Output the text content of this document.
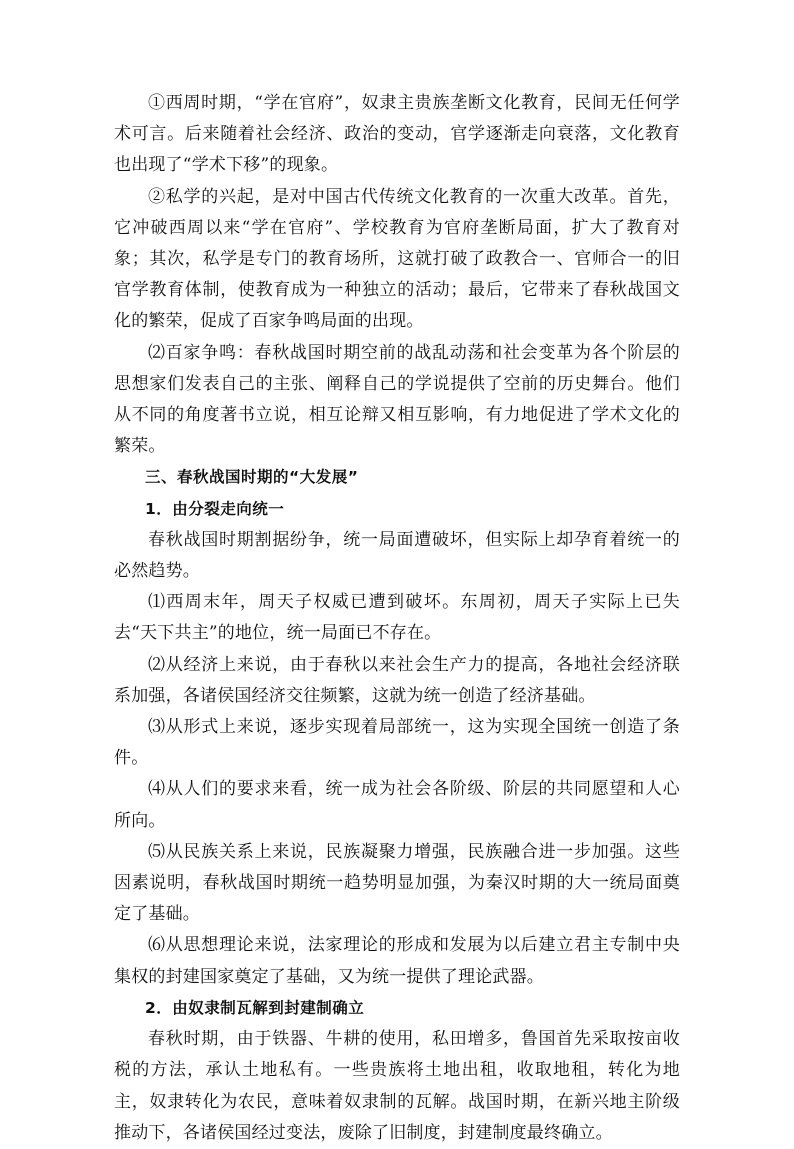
①西周时期，“学在官府”，奴隶主贵族垄断文化教育，民间无任何学术可言。后来随着社会经济、政治的变动，官学逐渐走向衰落，文化教育也出现了“学术下移”的现象。

②私学的兴起，是对中国古代传统文化教育的一次重大改革。首先，它冲破西周以来“学在官府”、学校教育为官府垄断局面，扩大了教育对象；其次，私学是专门的教育场所，这就打破了政教合一、官师合一的旧官学教育体制，使教育成为一种独立的活动；最后，它带来了春秋战国文化的繁荣，促成了百家争鸣局面的出现。

⑵百家争鸣：春秋战国时期空前的战乱动荡和社会变革为各个阶层的思想家们发表自己的主张、阐释自己的学说提供了空前的历史舞台。他们从不同的角度著书立说，相互论辩又相互影响，有力地促进了学术文化的繁荣。

三、春秋战国时期的“大发展”

1．由分裂走向统一

春秋战国时期割据纷争，统一局面遭破坏，但实际上却孕育着统一的必然趋势。

⑴西周末年，周天子权威已遭到破坏。东周初，周天子实际上已失去“天下共主”的地位，统一局面已不存在。

⑵从经济上来说，由于春秋以来社会生产力的提高，各地社会经济联系加强，各诸侯国经济交往频繁，这就为统一创造了经济基础。

⑶从形式上来说，逐步实现着局部统一，这为实现全国统一创造了条件。

⑷从人们的要求来看，统一成为社会各阶级、阶层的共同愿望和人心所向。

⑸从民族关系上来说，民族凝聚力增强，民族融合进一步加强。这些因素说明，春秋战国时期统一趋势明显加强，为秦汉时期的大一统局面奠定了基础。

⑹从思想理论来说，法家理论的形成和发展为以后建立君主专制中央集权的封建国家奠定了基础，又为统一提供了理论武器。

2．由奴隶制瓦解到封建制确立

春秋时期，由于铁器、牛耕的使用，私田增多，鲁国首先采取按亩收税的方法，承认土地私有。一些贵族将土地出租，收取地租，转化为地主，奴隶转化为农民，意味着奴隶制的瓦解。战国时期，在新兴地主阶级推动下，各诸侯国经过变法，废除了旧制度，封建制度最终确立。
